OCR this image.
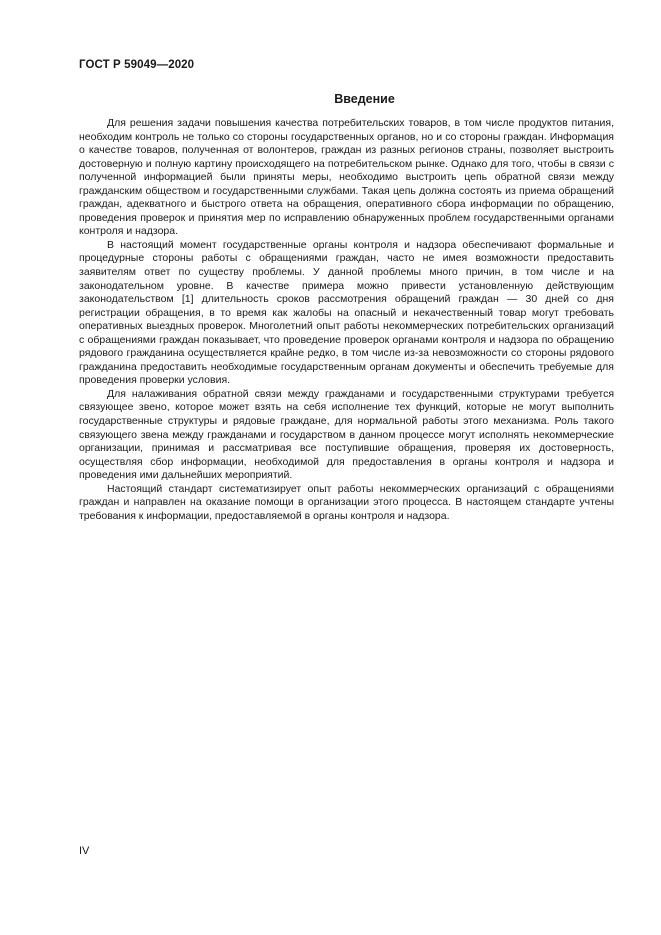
ГОСТ Р 59049—2020
Введение

Для решения задачи повышения качества потребительских товаров, в том числе продуктов питания, необходим контроль не только со стороны государственных органов, но и со стороны граждан. Информация о качестве товаров, полученная от волонтеров, граждан из разных регионов страны, позволяет выстроить достоверную и полную картину происходящего на потребительском рынке. Однако для того, чтобы в связи с полученной информацией были приняты меры, необходимо выстроить цепь обратной связи между гражданским обществом и государственными службами. Такая цепь должна состоять из приема обращений граждан, адекватного и быстрого ответа на обращения, оперативного сбора информации по обращению, проведения проверок и принятия мер по исправлению обнаруженных проблем государственными органами контроля и надзора.

В настоящий момент государственные органы контроля и надзора обеспечивают формальные и процедурные стороны работы с обращениями граждан, часто не имея возможности предоставить заявителям ответ по существу проблемы. У данной проблемы много причин, в том числе и на законодательном уровне. В качестве примера можно привести установленную действующим законодательством [1] длительность сроков рассмотрения обращений граждан — 30 дней со дня регистрации обращения, в то время как жалобы на опасный и некачественный товар могут требовать оперативных выездных проверок. Многолетний опыт работы некоммерческих потребительских организаций с обращениями граждан показывает, что проведение проверок органами контроля и надзора по обращению рядового гражданина осуществляется крайне редко, в том числе из-за невозможности со стороны рядового гражданина предоставить необходимые государственным органам документы и обеспечить требуемые для проведения проверки условия.

Для налаживания обратной связи между гражданами и государственными структурами требуется связующее звено, которое может взять на себя исполнение тех функций, которые не могут выполнить государственные структуры и рядовые граждане, для нормальной работы этого механизма. Роль такого связующего звена между гражданами и государством в данном процессе могут исполнять некоммерческие организации, принимая и рассматривая все поступившие обращения, проверяя их достоверность, осуществляя сбор информации, необходимой для предоставления в органы контроля и надзора и проведения ими дальнейших мероприятий.

Настоящий стандарт систематизирует опыт работы некоммерческих организаций с обращениями граждан и направлен на оказание помощи в организации этого процесса. В настоящем стандарте учтены требования к информации, предоставляемой в органы контроля и надзора.

IV
